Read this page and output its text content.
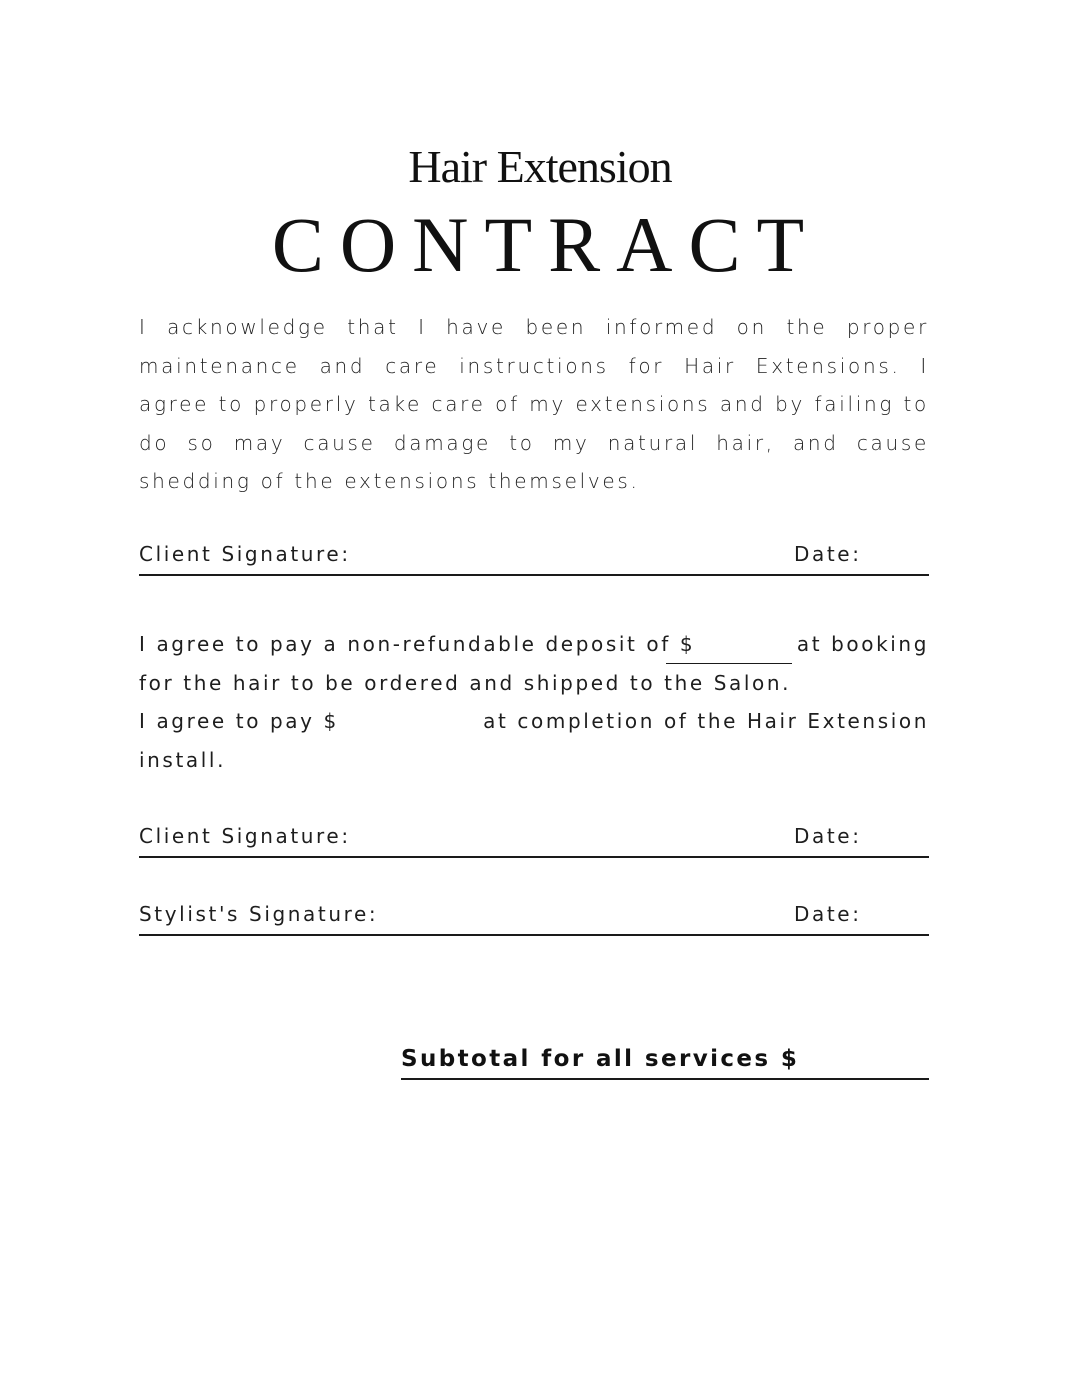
Hair Extension
CONTRACT
I acknowledge that I have been informed on the proper maintenance and care instructions for Hair Extensions. I agree to properly take care of my extensions and by failing to do so may cause damage to my natural hair, and cause shedding of the extensions themselves.
Client Signature:	Date:
I agree to pay a non-refundable deposit of $	at booking
for the hair to be ordered and shipped to the Salon.
I agree to pay $	at completion of the Hair Extension
install.
Client Signature:	Date:
Stylist's Signature:	Date:
Subtotal for all services $
